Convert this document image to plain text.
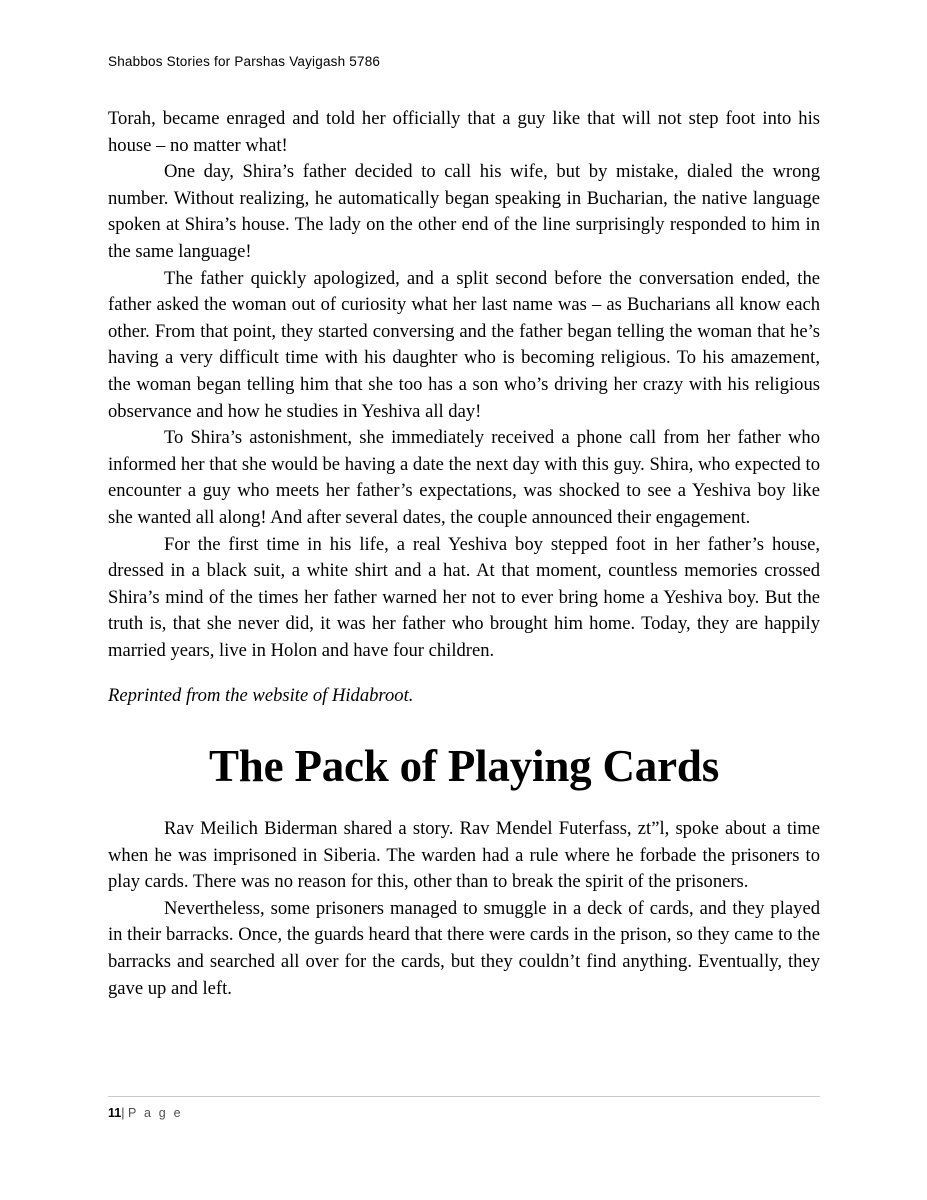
Shabbos Stories for Parshas Vayigash 5786

Torah, became enraged and told her officially that a guy like that will not step foot into his house – no matter what!

One day, Shira’s father decided to call his wife, but by mistake, dialed the wrong number. Without realizing, he automatically began speaking in Bucharian, the native language spoken at Shira’s house. The lady on the other end of the line surprisingly responded to him in the same language!

The father quickly apologized, and a split second before the conversation ended, the father asked the woman out of curiosity what her last name was – as Bucharians all know each other. From that point, they started conversing and the father began telling the woman that he’s having a very difficult time with his daughter who is becoming religious. To his amazement, the woman began telling him that she too has a son who’s driving her crazy with his religious observance and how he studies in Yeshiva all day!

To Shira’s astonishment, she immediately received a phone call from her father who informed her that she would be having a date the next day with this guy. Shira, who expected to encounter a guy who meets her father’s expectations, was shocked to see a Yeshiva boy like she wanted all along! And after several dates, the couple announced their engagement.

For the first time in his life, a real Yeshiva boy stepped foot in her father’s house, dressed in a black suit, a white shirt and a hat. At that moment, countless memories crossed Shira’s mind of the times her father warned her not to ever bring home a Yeshiva boy. But the truth is, that she never did, it was her father who brought him home. Today, they are happily married years, live in Holon and have four children.

Reprinted from the website of Hidabroot.

The Pack of Playing Cards

Rav Meilich Biderman shared a story. Rav Mendel Futerfass, zt”l, spoke about a time when he was imprisoned in Siberia. The warden had a rule where he forbade the prisoners to play cards. There was no reason for this, other than to break the spirit of the prisoners.

Nevertheless, some prisoners managed to smuggle in a deck of cards, and they played in their barracks. Once, the guards heard that there were cards in the prison, so they came to the barracks and searched all over for the cards, but they couldn’t find anything. Eventually, they gave up and left.

11| P a g e
